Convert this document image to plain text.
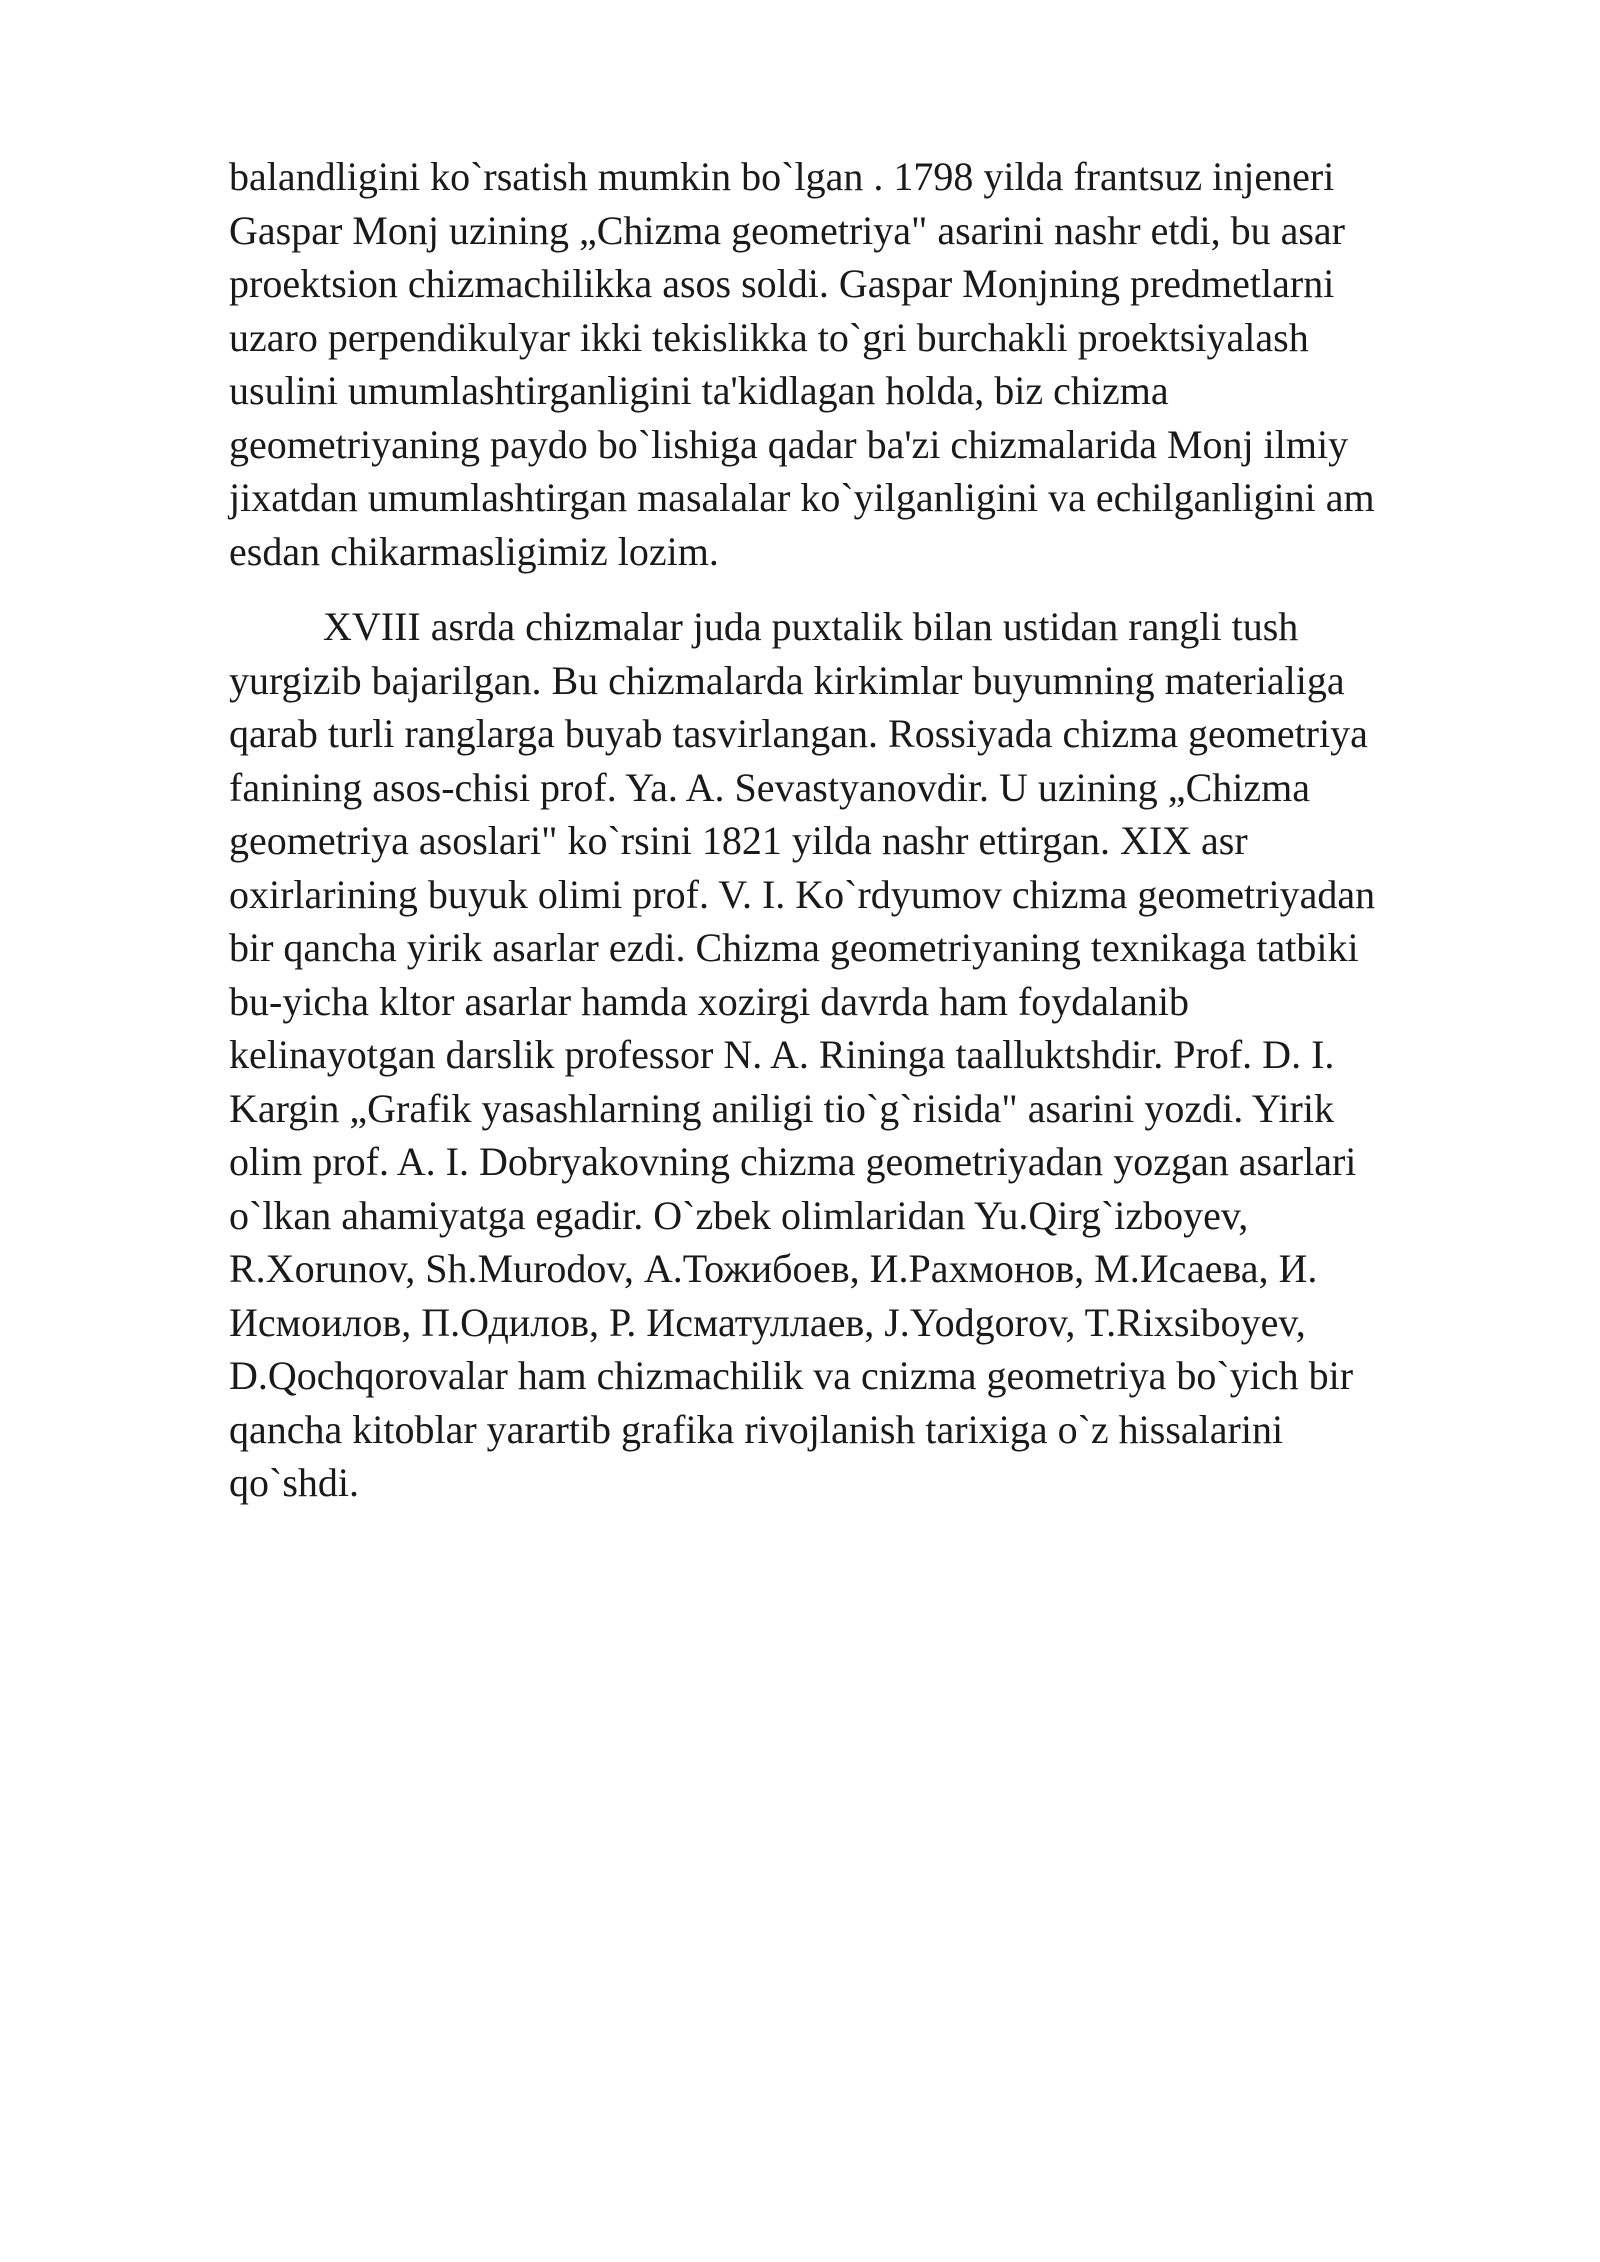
balandligini ko`rsatish mumkin bo`lgan . 1798 yilda frantsuz injeneri
Gaspar Monj uzining „Chizma geometriya" asarini nashr etdi, bu asar
proektsion chizmachilikka asos soldi. Gaspar Monjning predmetlarni
uzaro perpendikulyar ikki tekislikka to`gri burchakli proektsiyalash
usulini umumlashtirganligini ta'kidlagan holda, biz chizma
geometriyaning paydo bo`lishiga qadar ba'zi chizmalarida Monj ilmiy
jixatdan umumlashtirgan masalalar ko`yilganligini va echilganligini am
esdan chikarmasligimiz lozim.
XVIII asrda chizmalar juda puxtalik bilan ustidan rangli tush
yurgizib bajarilgan. Bu chizmalarda kirkimlar buyumning materialiga
qarab turli ranglarga buyab tasvirlangan. Rossiyada chizma geometriya
fanining asos-chisi prof. Ya. A. Sevastyanovdir. U uzining „Chizma
geometriya asoslari" ko`rsini 1821 yilda nashr ettirgan. XIX asr
oxirlarining buyuk olimi prof. V. I. Ko`rdyumov chizma geometriyadan
bir qancha yirik asarlar ezdi. Chizma geometriyaning texnikaga tatbiki
bu-yicha kltor asarlar hamda xozirgi davrda ham foydalanib
kelinayotgan darslik professor N. A. Riningа taalluktshdir. Prof. D. I.
Kargin „Grafik yasashlarning aniligi tio`g`risida" asarini yozdi. Yirik
olim prof. A. I. Dobryakovning chizma geometriyadan yozgan asarlari
o`lkan ahamiyatga egadir. O`zbek olimlaridan Yu.Qirg`izboyev,
R.Xorunov, Sh.Murodov, А.Тожибоев, И.Рахмонов, М.Исаева, И.
Исмоилов, П.Одилов, Р. Исматуллаев, J.Yodgorov, T.Rixsiboyev,
D.Qochqorovalar ham chizmachilik va cnizma geometriya bo`yich bir
qancha kitoblar yarartib grafika rivojlanish tarixiga o`z hissalarini
qo`shdi.
